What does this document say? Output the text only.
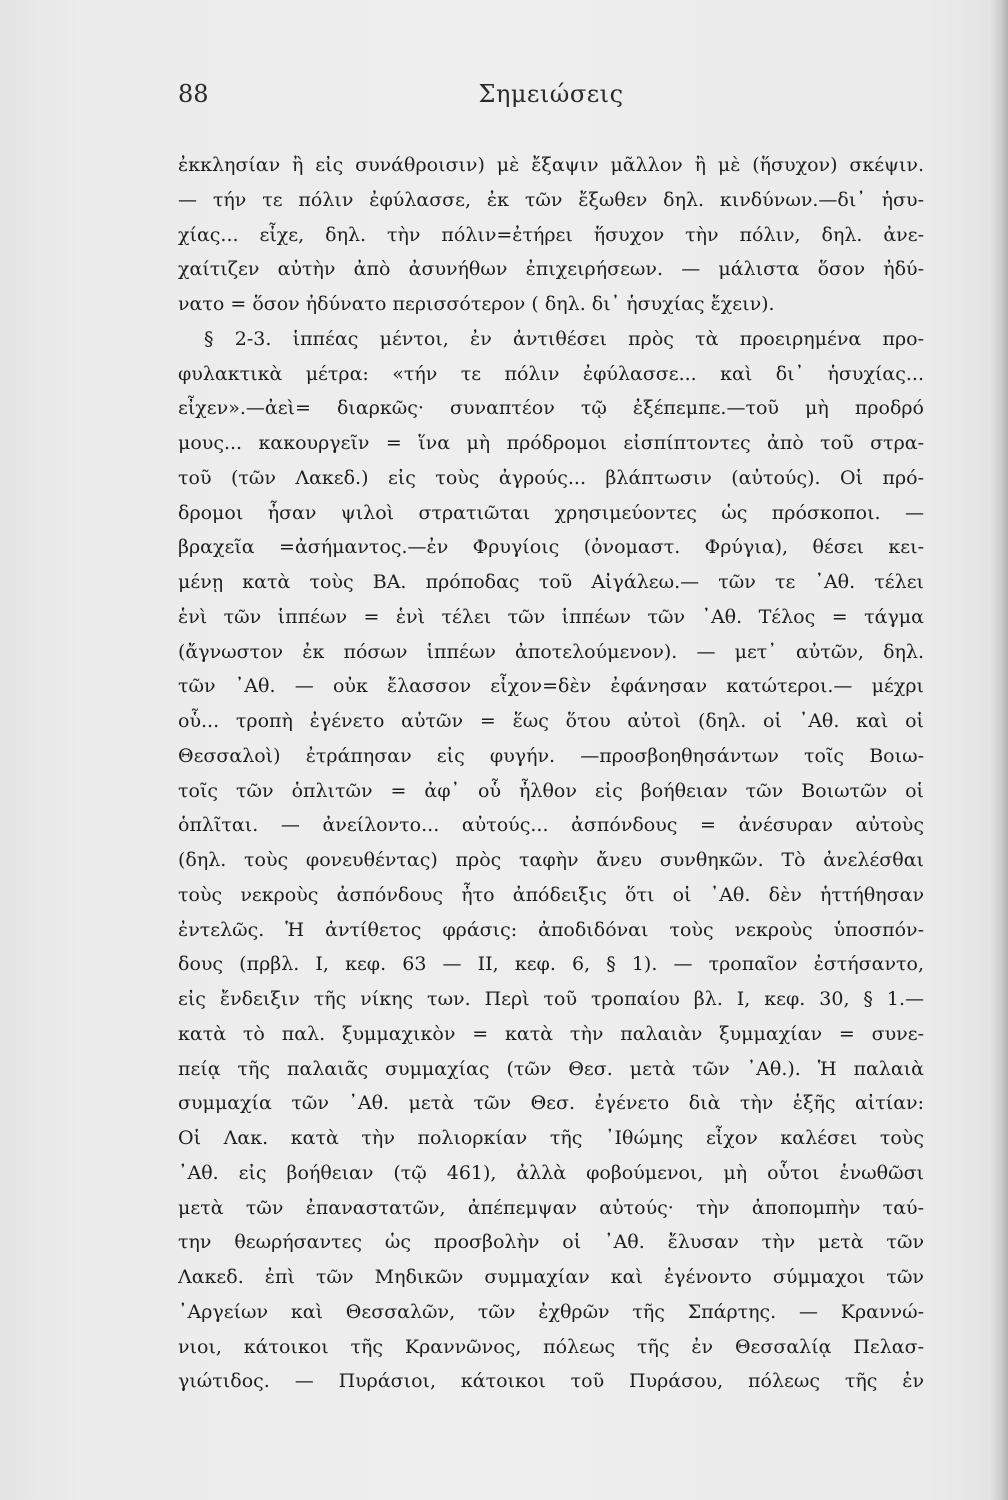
88	Σημειώσεις
ἐκκλησίαν ἢ εἰς συνάθροισιν) μὲ ἔξαψιν μᾶλλον ἢ μὲ (ἥσυχον) σκέψιν.
— τήν τε πόλιν ἐφύλασσε, ἐκ τῶν ἔξωθεν δηλ. κινδύνων.—δι᾽ ἡσυ-
χίας... εἶχε, δηλ. τὴν πόλιν=ἐτήρει ἥσυχον τὴν πόλιν, δηλ. ἀνε-
χαίτιζεν αὐτὴν ἀπὸ ἀσυνήθων ἐπιχειρήσεων. — μάλιστα ὅσον ἠδύ-
νατο = ὅσον ἠδύνατο περισσότερον ( δηλ. δι᾽ ἡσυχίας ἔχειν).
§ 2-3. ἱππέας μέντοι, ἐν ἀντιθέσει πρὸς τὰ προειρημένα προ-
φυλακτικὰ μέτρα: «τήν τε πόλιν ἐφύλασσε... καὶ δι᾽ ἡσυχίας...
εἶχεν».—ἀεὶ= διαρκῶς· συναπτέον τῷ ἐξέπεμπε.—τοῦ μὴ προδρό
μους... κακουργεῖν = ἵνα μὴ πρόδρομοι εἰσπίπτοντες ἀπὸ τοῦ στρα-
τοῦ (τῶν Λακεδ.) εἰς τοὺς ἀγρούς... βλάπτωσιν (αὐτούς). Οἱ πρό-
δρομοι ἦσαν ψιλοὶ στρατιῶται χρησιμεύοντες ὡς πρόσκοποι. —
βραχεῖα =ἀσήμαντος.—ἐν Φρυγίοις (ὀνομαστ. Φρύγια), θέσει κει-
μένῃ κατὰ τοὺς ΒΑ. πρόποδας τοῦ Αἰγάλεω.— τῶν τε ᾽Αθ. τέλει
ἑνὶ τῶν ἱππέων = ἑνὶ τέλει τῶν ἱππέων τῶν ᾽Αθ. Τέλος = τάγμα
(ἄγνωστον ἐκ πόσων ἱππέων ἀποτελούμενον). — μετ᾽ αὐτῶν, δηλ.
τῶν ᾽Αθ. — οὐκ ἔλασσον εἶχον=δὲν ἐφάνησαν κατώτεροι.— μέχρι
οὗ... τροπὴ ἐγένετο αὐτῶν = ἕως ὅτου αὐτοὶ (δηλ. οἱ ᾽Αθ. καὶ οἱ
Θεσσαλοὶ) ἐτράπησαν εἰς φυγήν. —προσβοηθησάντων τοῖς Βοιω-
τοῖς τῶν ὁπλιτῶν = ἀφ᾽ οὗ ἦλθον εἰς βοήθειαν τῶν Βοιωτῶν οἱ
ὁπλῖται. — ἀνείλοντο... αὐτούς... ἀσπόνδους = ἀνέσυραν αὐτοὺς
(δηλ. τοὺς φονευθέντας) πρὸς ταφὴν ἄνευ συνθηκῶν. Τὸ ἀνελέσθαι
τοὺς νεκροὺς ἀσπόνδους ἦτο ἀπόδειξις ὅτι οἱ ᾽Αθ. δὲν ἡττήθησαν
ἐντελῶς. Ἡ ἀντίθετος φράσις: ἀποδιδόναι τοὺς νεκροὺς ὑποσπόν-
δους (πρβλ. Ι, κεφ. 63 — ΙΙ, κεφ. 6, § 1). — τροπαῖον ἐστήσαντο,
εἰς ἔνδειξιν τῆς νίκης των. Περὶ τοῦ τροπαίου βλ. Ι, κεφ. 30, § 1.—
κατὰ τὸ παλ. ξυμμαχικὸν = κατὰ τὴν παλαιὰν ξυμμαχίαν = συνε-
πείᾳ τῆς παλαιᾶς συμμαχίας (τῶν Θεσ. μετὰ τῶν ᾽Αθ.). Ἡ παλαιὰ
συμμαχία τῶν ᾽Αθ. μετὰ τῶν Θεσ. ἐγένετο διὰ τὴν ἑξῆς αἰτίαν:
Οἱ Λακ. κατὰ τὴν πολιορκίαν τῆς ᾽Ιθώμης εἶχον καλέσει τοὺς
᾽Αθ. εἰς βοήθειαν (τῷ 461), ἀλλὰ φοβούμενοι, μὴ οὗτοι ἑνωθῶσι
μετὰ τῶν ἐπαναστατῶν, ἀπέπεμψαν αὐτούς· τὴν ἀποπομπὴν ταύ-
την θεωρήσαντες ὡς προσβολὴν οἱ ᾽Αθ. ἔλυσαν τὴν μετὰ τῶν
Λακεδ. ἐπὶ τῶν Μηδικῶν συμμαχίαν καὶ ἐγένοντο σύμμαχοι τῶν
᾽Αργείων καὶ Θεσσαλῶν, τῶν ἐχθρῶν τῆς Σπάρτης. — Κραννώ-
νιοι, κάτοικοι τῆς Κραννῶνος, πόλεως τῆς ἐν Θεσσαλίᾳ Πελασ-
γιώτιδος. — Πυράσιοι, κάτοικοι τοῦ Πυράσου, πόλεως τῆς ἐν
